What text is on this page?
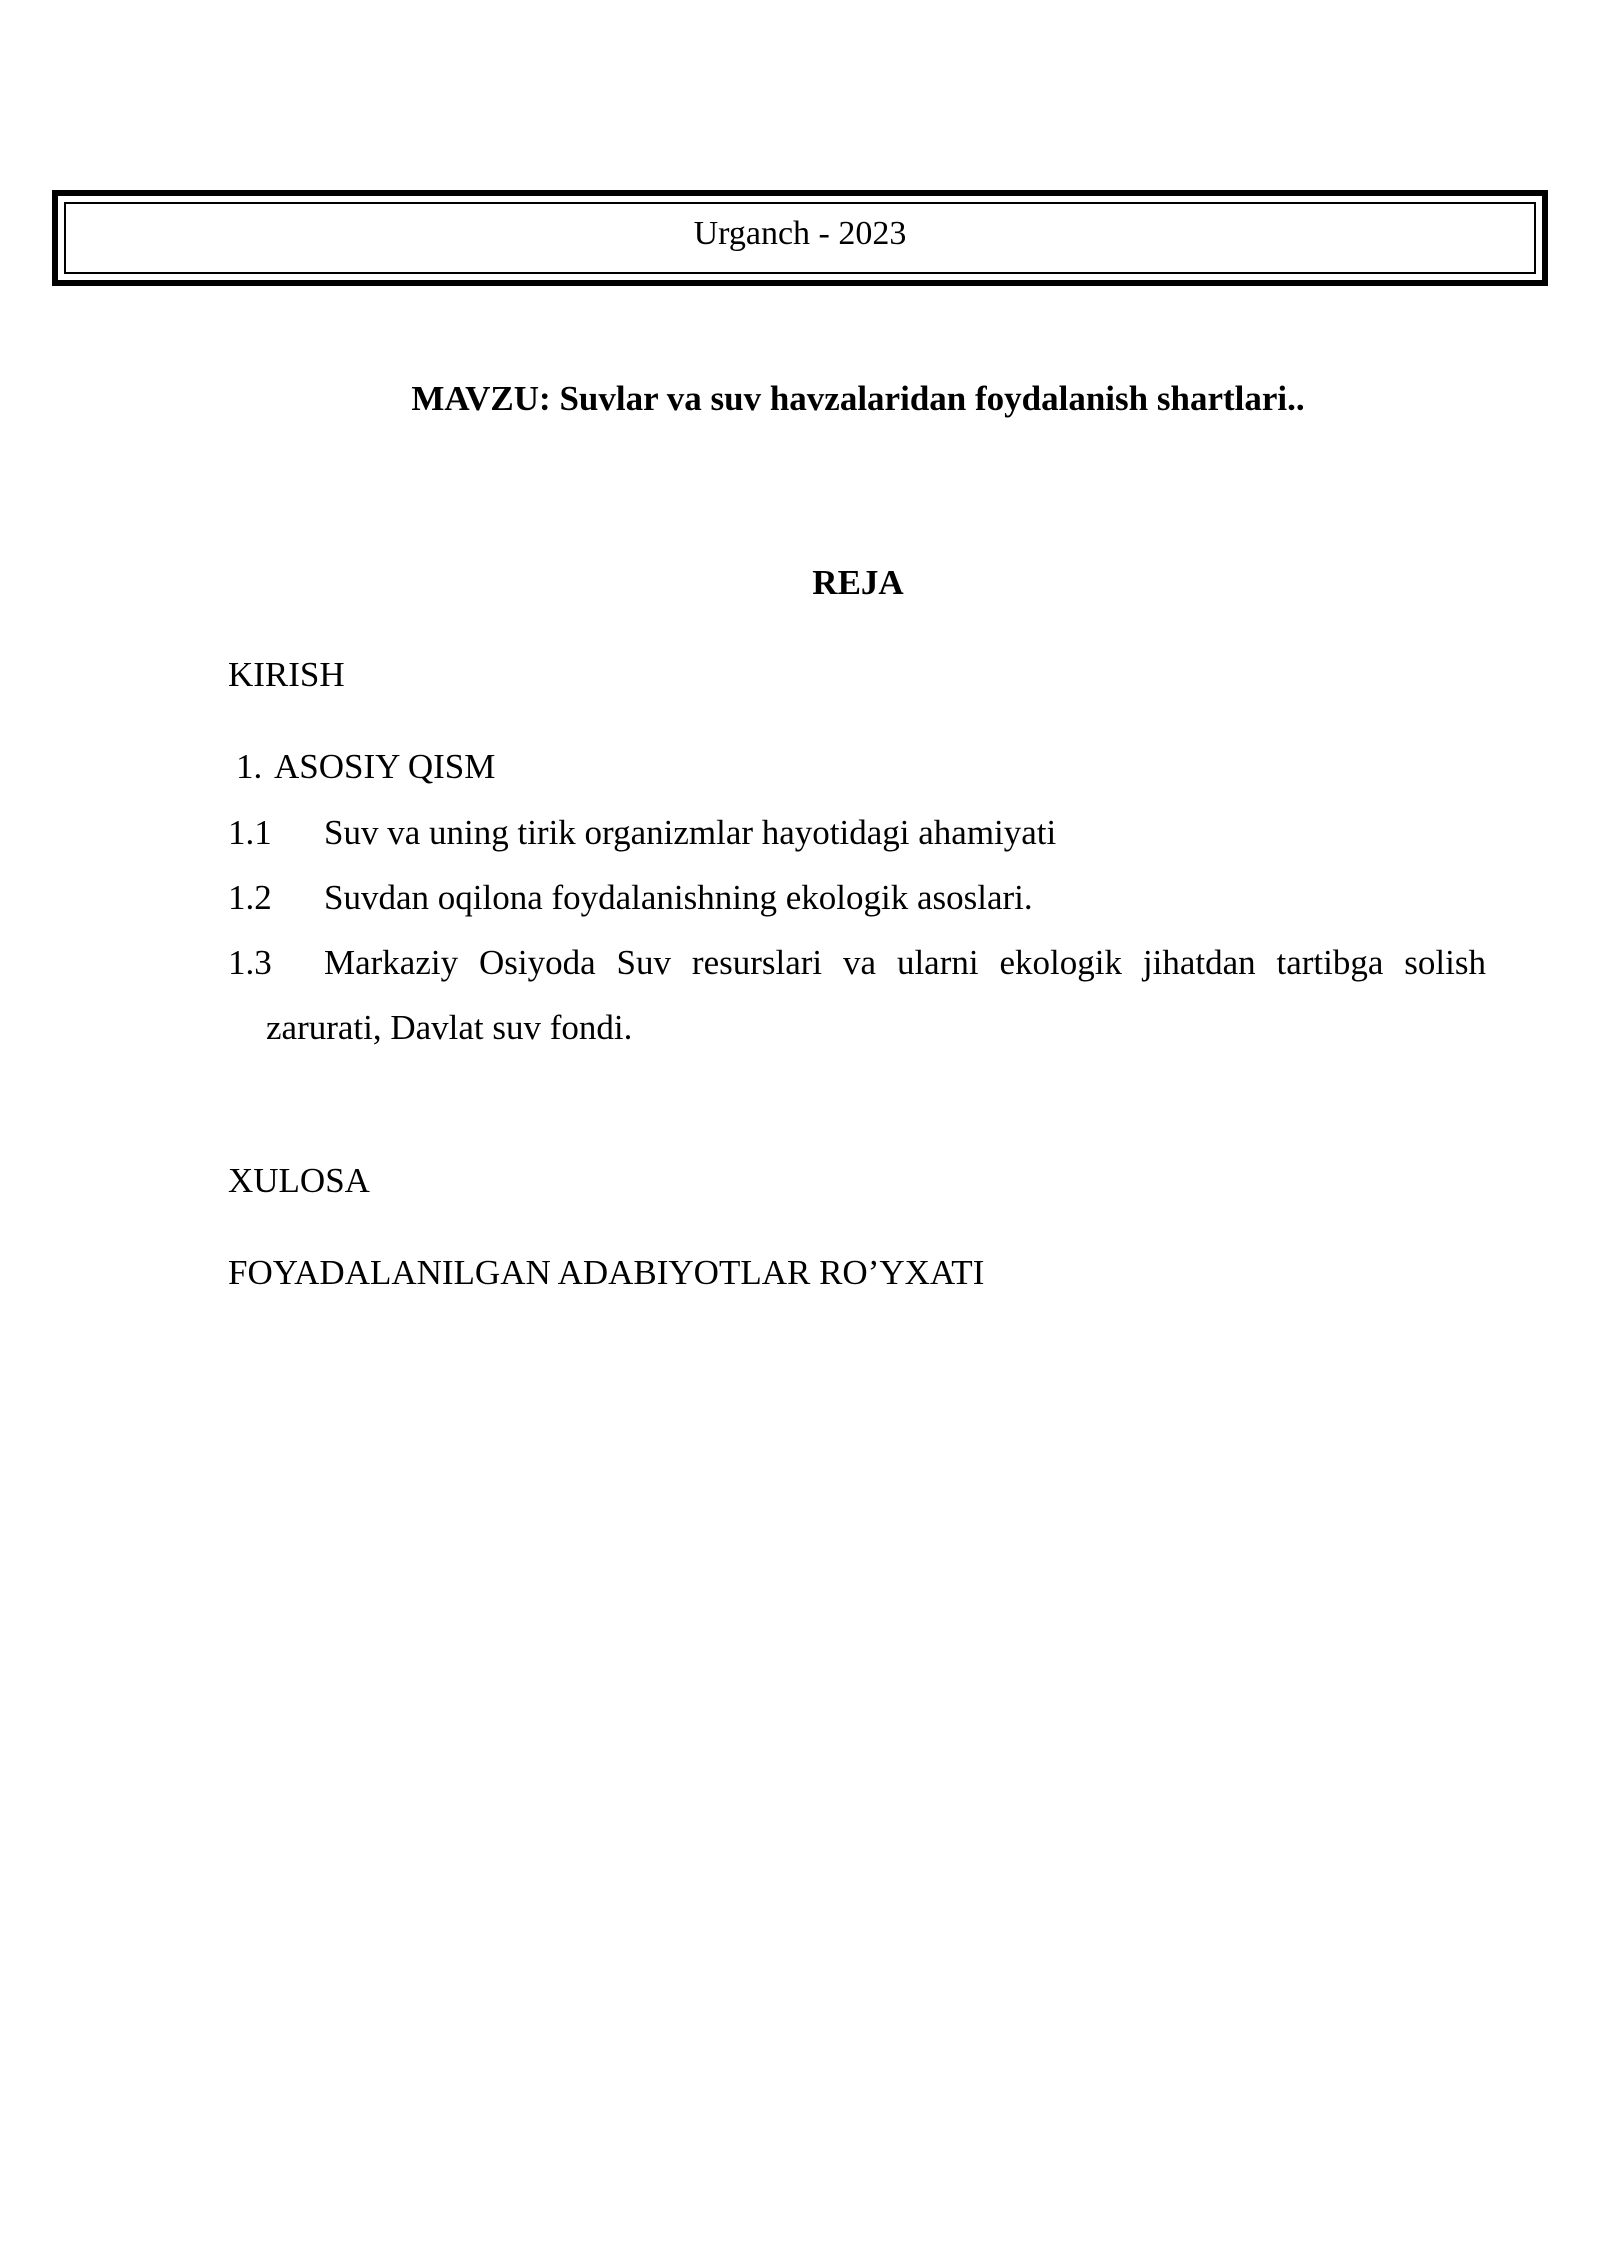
Urganch - 2023
MAVZU: Suvlar va suv havzalaridan foydalanish shartlari..
REJA
KIRISH
1. ASOSIY QISM
1.1 Suv va uning tirik organizmlar hayotidagi ahamiyati
1.2 Suvdan oqilona foydalanishning ekologik asoslari.
1.3 Markaziy Osiyoda Suv resurslari va ularni ekologik jihatdan tartibga solish
zarurati, Davlat suv fondi.
XULOSA
FOYADALANILGAN ADABIYOTLAR RO’YXATI
